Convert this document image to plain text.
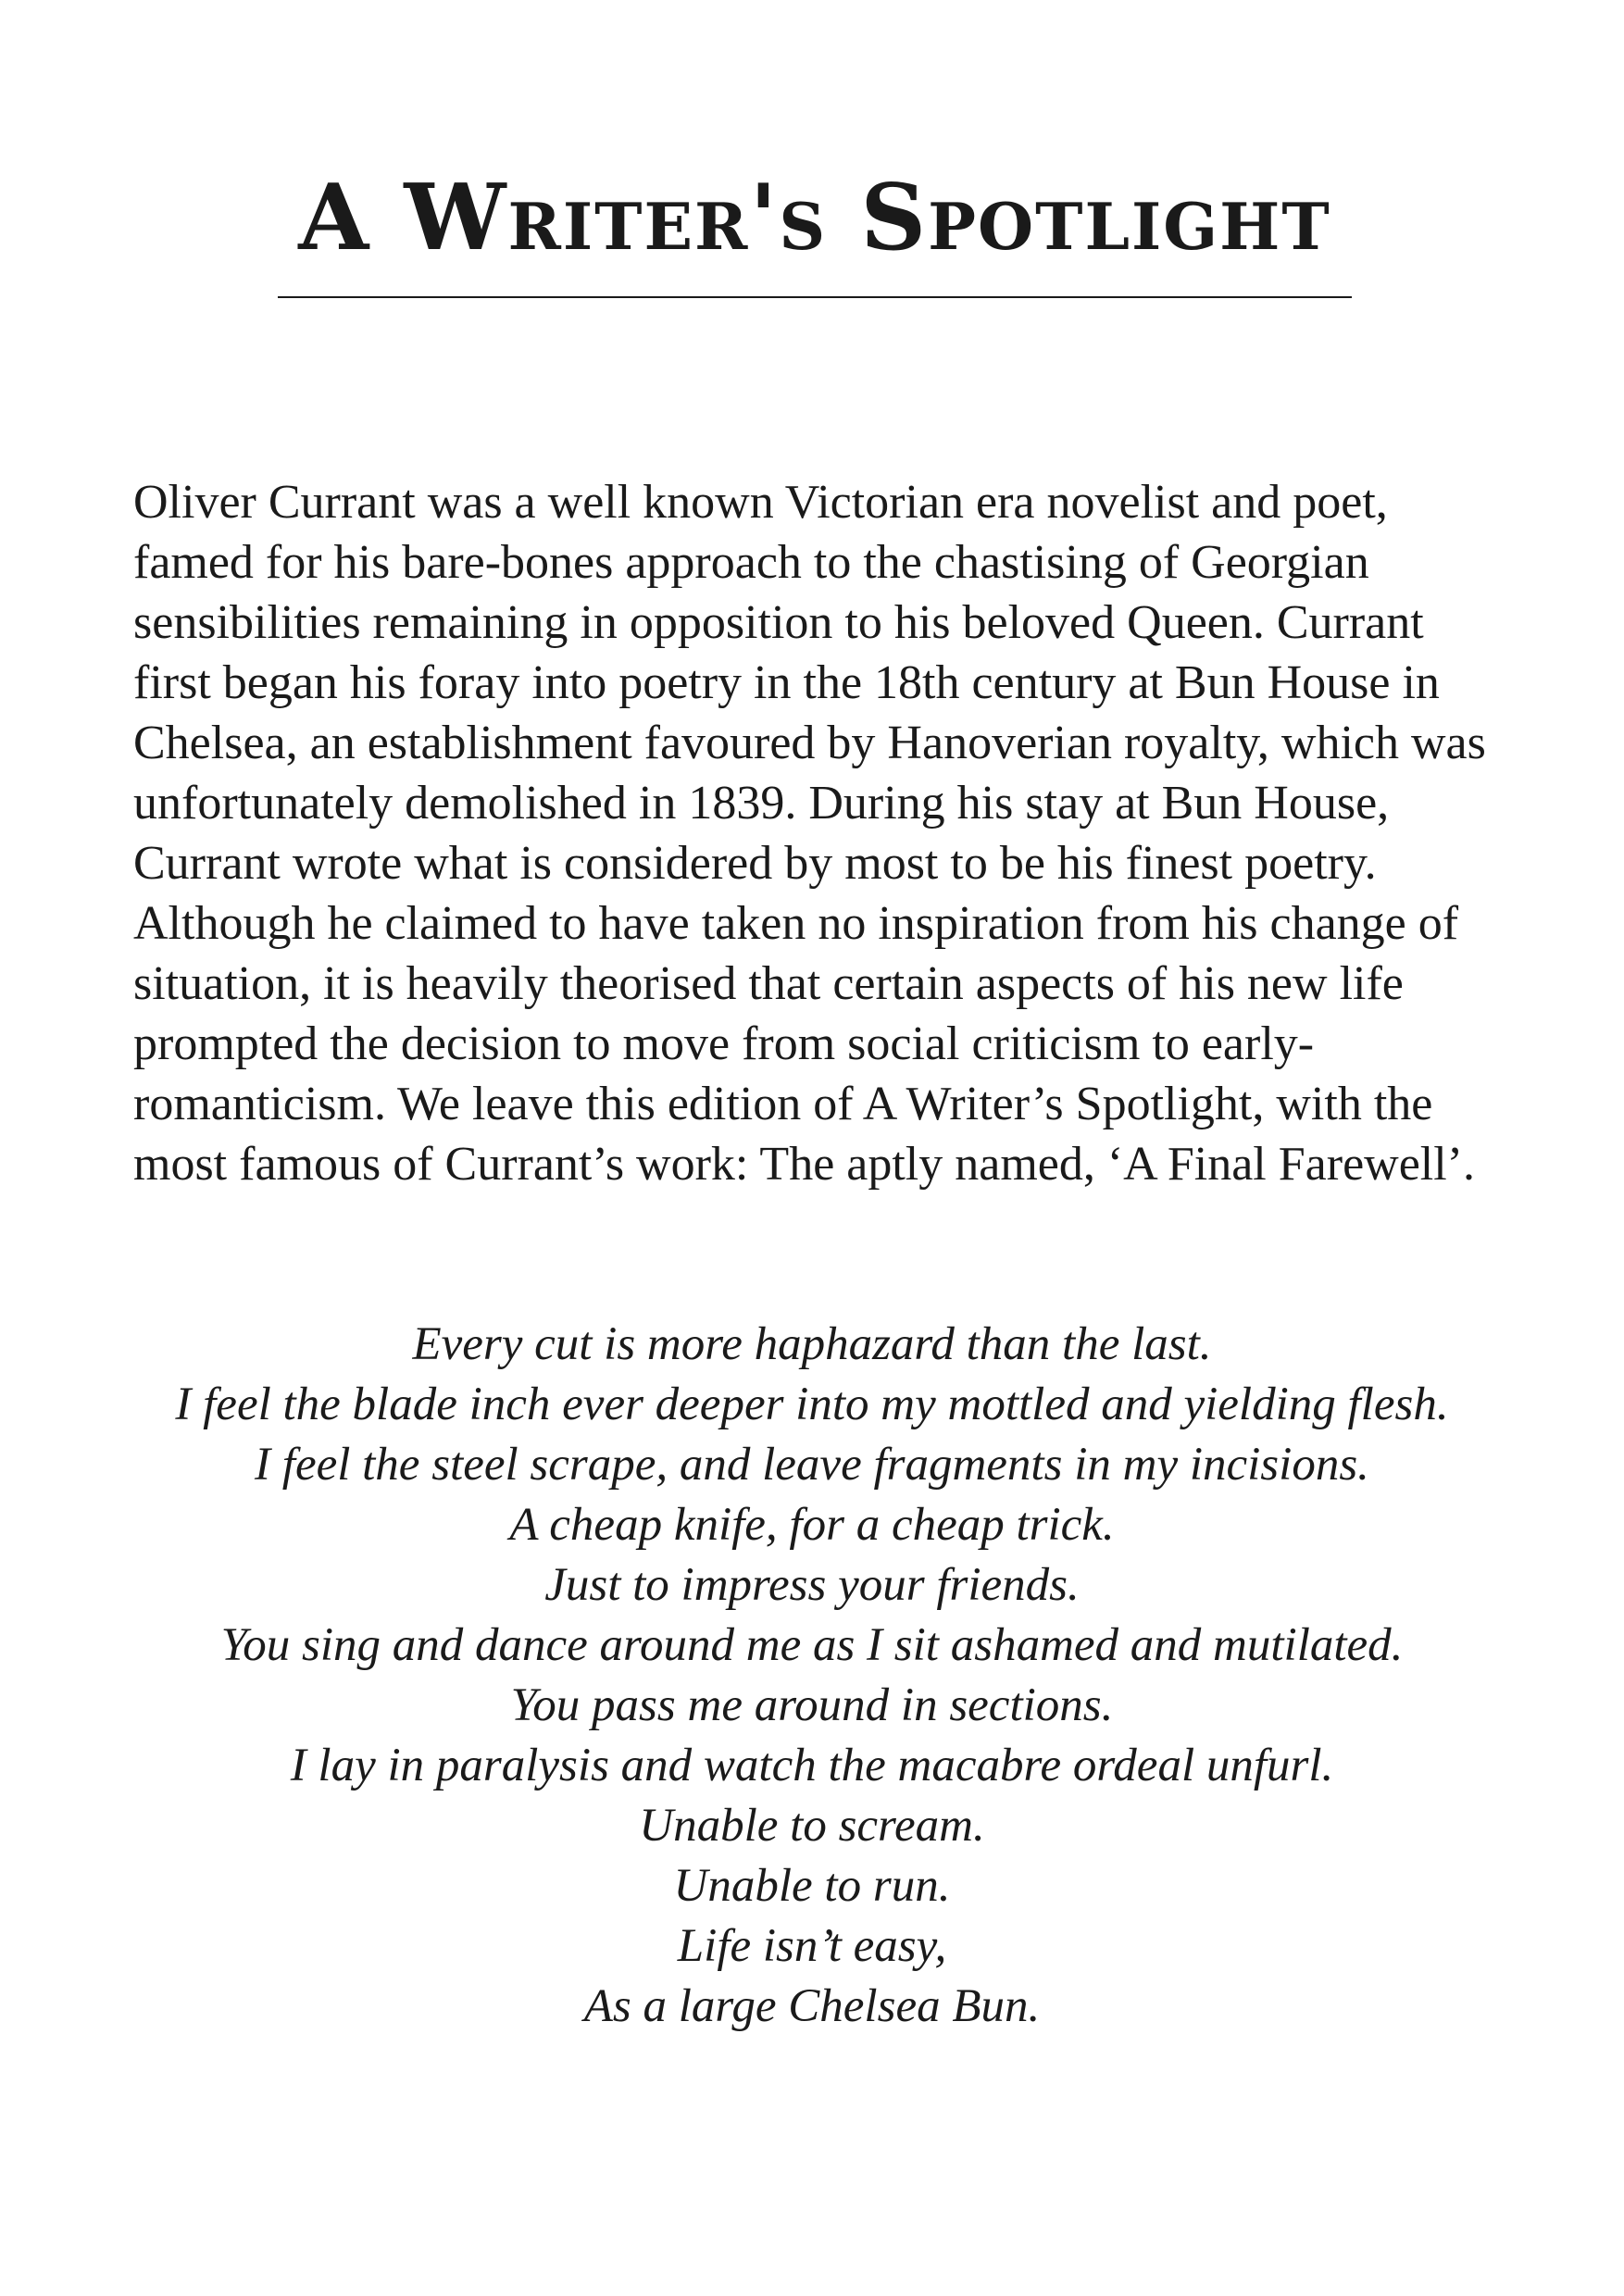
A Writer's Spotlight

Oliver Currant was a well known Victorian era novelist and poet, famed for his bare-bones approach to the chastising of Georgian sensibilities remaining in opposition to his beloved Queen. Currant first began his foray into poetry in the 18th century at Bun House in Chelsea, an establishment favoured by Hanoverian royalty, which was unfortunately demolished in 1839. During his stay at Bun House, Currant wrote what is considered by most to be his finest poetry. Although he claimed to have taken no inspiration from his change of situation, it is heavily theorised that certain aspects of his new life prompted the decision to move from social criticism to early-romanticism. We leave this edition of A Writer’s Spotlight, with the most famous of Currant’s work: The aptly named, ‘A Final Farewell’.

Every cut is more haphazard than the last.
I feel the blade inch ever deeper into my mottled and yielding flesh.
I feel the steel scrape, and leave fragments in my incisions.
A cheap knife, for a cheap trick.
Just to impress your friends.
You sing and dance around me as I sit ashamed and mutilated.
You pass me around in sections.
I lay in paralysis and watch the macabre ordeal unfurl.
Unable to scream.
Unable to run.
Life isn’t easy,
As a large Chelsea Bun.
